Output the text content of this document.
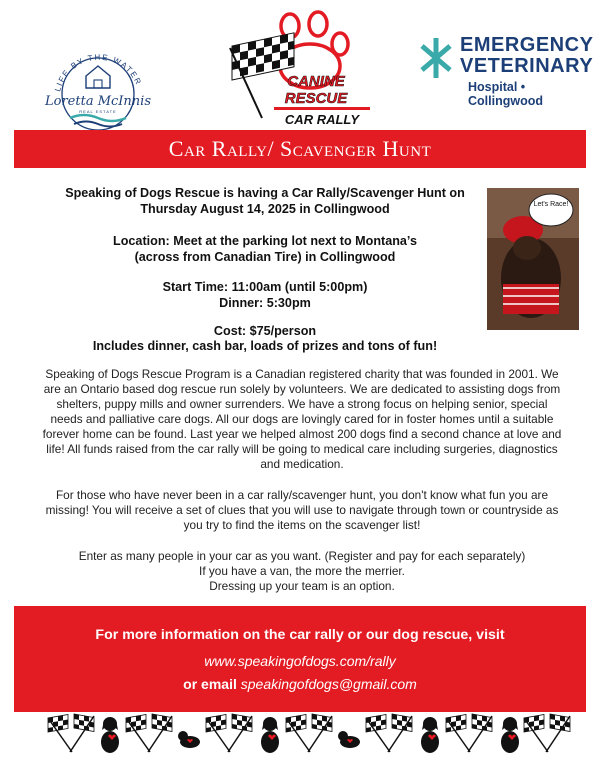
LIFE BY THE WATER
Loretta McInnis
REAL ESTATE
CANINE
RESCUE
CAR RALLY
EMERGENCY
VETERINARY
Hospital • Collingwood
Car Rally/ Scavenger Hunt
Speaking of Dogs Rescue is having a Car Rally/Scavenger Hunt on
Thursday August 14, 2025 in Collingwood
Location: Meet at the parking lot next to Montana’s
(across from Canadian Tire) in Collingwood
Start Time: 11:00am (until 5:00pm)
Dinner: 5:30pm
Cost: $75/person
Includes dinner, cash bar, loads of prizes and tons of fun!
Let's Race!
Speaking of Dogs Rescue Program is a Canadian registered charity that was founded in 2001. We
are an Ontario based dog rescue run solely by volunteers. We are dedicated to assisting dogs from
shelters, puppy mills and owner surrenders. We have a strong focus on helping senior, special
needs and palliative care dogs. All our dogs are lovingly cared for in foster homes until a suitable
forever home can be found. Last year we helped almost 200 dogs find a second chance at love and
life! All funds raised from the car rally will be going to medical care including surgeries, diagnostics
and medication.
For those who have never been in a car rally/scavenger hunt, you don't know what fun you are
missing! You will receive a set of clues that you will use to navigate through town or countryside as
you try to find the items on the scavenger list!
Enter as many people in your car as you want. (Register and pay for each separately)
If you have a van, the more the merrier.
Dressing up your team is an option.
For more information on the car rally or our dog rescue, visit
www.speakingofdogs.com/rally
or email speakingofdogs@gmail.com
